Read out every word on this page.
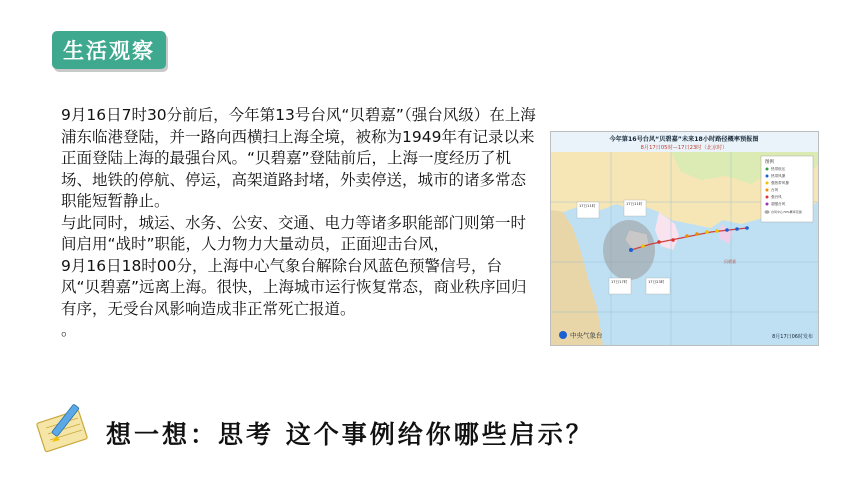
生活观察

9月16日7时30分前后，今年第13号台风“贝碧嘉”（强台风级）在上海浦东临港登陆，并一路向西横扫上海全境，被称为1949年有记录以来正面登陆上海的最强台风。“贝碧嘉”登陆前后，上海一度经历了机场、地铁的停航、停运，高架道路封堵，外卖停送，城市的诸多常态职能短暂静止。

与此同时，城运、水务、公安、交通、电力等诸多职能部门则第一时间启用“战时”职能，人力物力大量动员，正面迎击台风，

9月16日18时00分，上海中心气象台解除台风蓝色预警信号，台风“贝碧嘉”远离上海。很快，上海城市运行恢复常态，商业秩序回归有序，无受台风影响造成非正常死亡报道。

。

今年第16号台风“贝碧嘉”未来18小时路径概率预报图
8月17日05时—17日23时（北京时）
17日11时	17日11时
17日17时	17日23时
贝碧嘉
图例
热带低压
热带风暴
强热带风暴
台风
强台风
超强台风
台风中心70%概率范围
中央气象台	8月17日06时发布
想一想：思考 这个事例给你哪些启示？
